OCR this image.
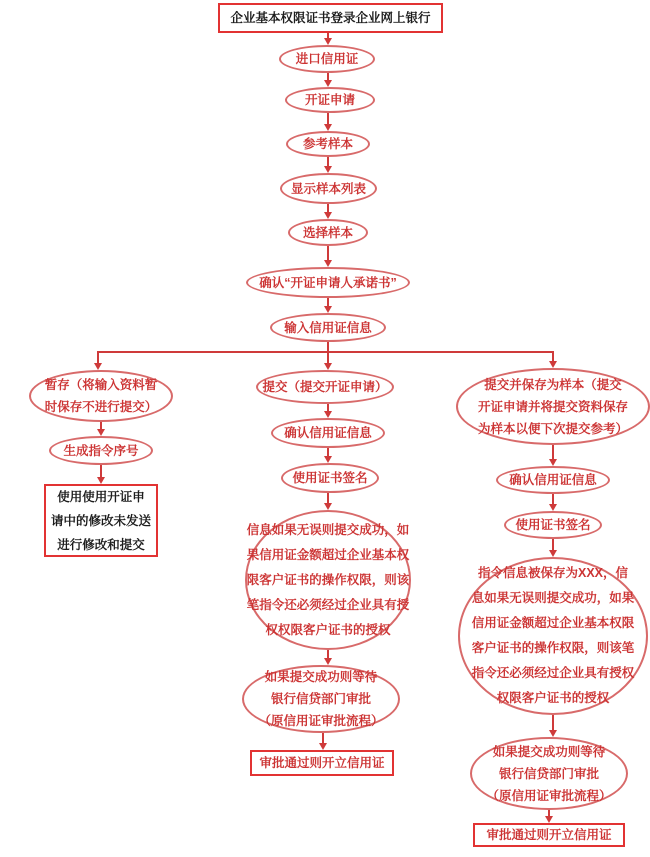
企业基本权限证书登录企业网上银行
进口信用证
开证申请
参考样本
显示样本列表
选择样本
确认“开证申请人承诺书”
输入信用证信息
暂存（将输入资料暂
时保存不进行提交）
生成指令序号
使用使用开证申
请中的修改未发送
进行修改和提交
提交（提交开证申请）
确认信用证信息
使用证书签名
信息如果无误则提交成功，如
果信用证金额超过企业基本权
限客户证书的操作权限，则该
笔指令还必须经过企业具有授
权权限客户证书的授权
如果提交成功则等待
银行信贷部门审批
（原信用证审批流程）
审批通过则开立信用证
提交并保存为样本（提交
开证申请并将提交资料保存
为样本以便下次提交参考）
确认信用证信息
使用证书签名
指令信息被保存为XXX，信
息如果无误则提交成功，如果
信用证金额超过企业基本权限
客户证书的操作权限，则该笔
指令还必须经过企业具有授权
权限客户证书的授权
如果提交成功则等待
银行信贷部门审批
（原信用证审批流程）
审批通过则开立信用证
